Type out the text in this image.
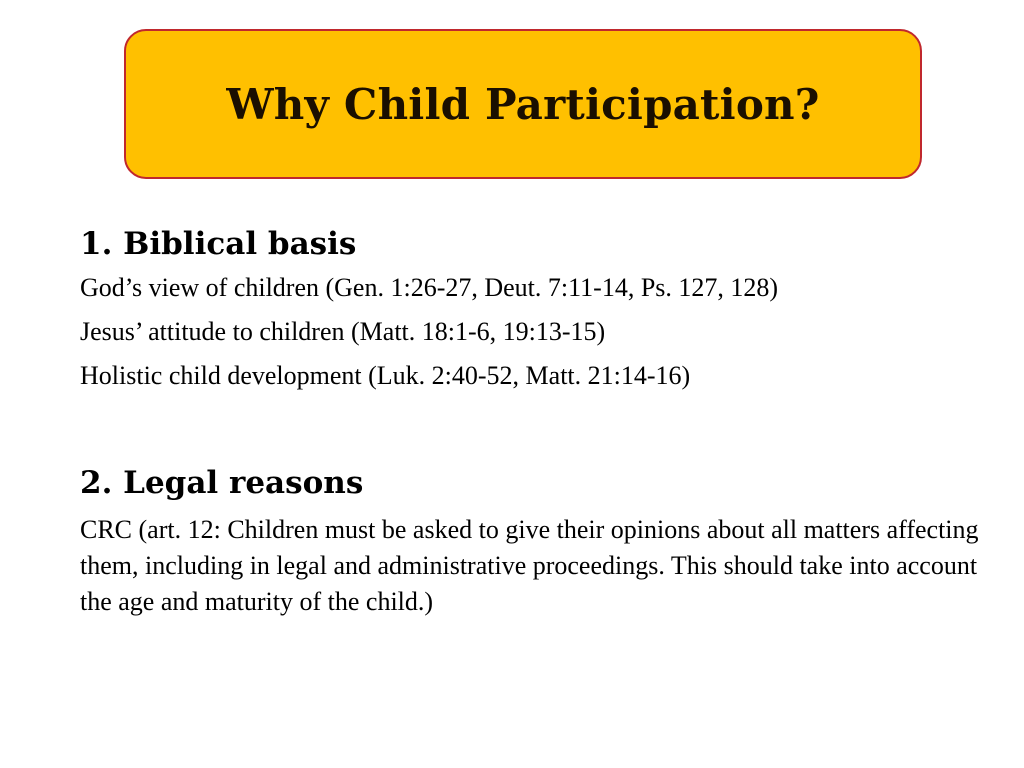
Why Child Participation?

1. Biblical basis

God’s view of children (Gen. 1:26-27, Deut. 7:11-14, Ps. 127, 128)

Jesus’ attitude to children (Matt. 18:1-6, 19:13-15)

Holistic child development (Luk. 2:40-52, Matt. 21:14-16)

2. Legal reasons

CRC (art. 12: Children must be asked to give their opinions about all matters affecting them, including in legal and administrative proceedings. This should take into account the age and maturity of the child.)
